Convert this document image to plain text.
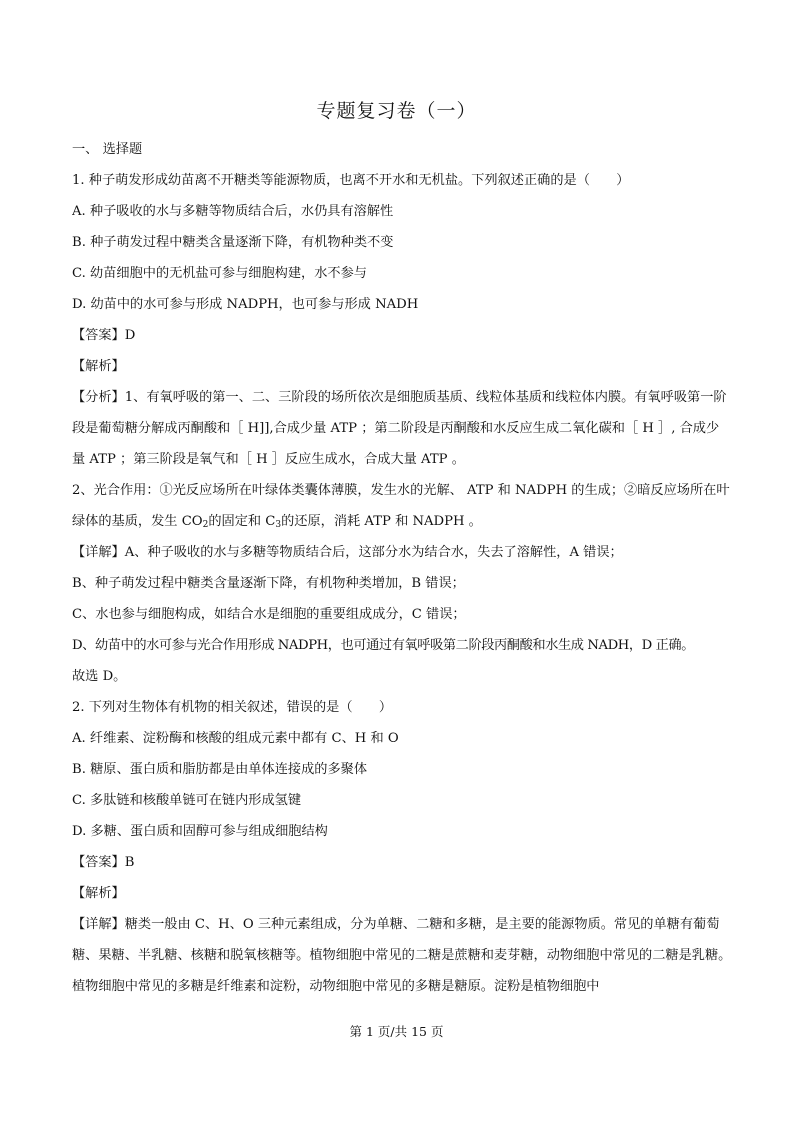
专题复习卷（一）
一、 选择题
1. 种子萌发形成幼苗离不开糖类等能源物质，也离不开水和无机盐。下列叙述正确的是（　　）
A. 种子吸收的水与多糖等物质结合后，水仍具有溶解性
B. 种子萌发过程中糖类含量逐渐下降，有机物种类不变
C. 幼苗细胞中的无机盐可参与细胞构建，水不参与
D. 幼苗中的水可参与形成 NADPH，也可参与形成 NADH
【答案】D
【解析】
【分析】1、有氧呼吸的第一、二、三阶段的场所依次是细胞质基质、线粒体基质和线粒体内膜。有氧呼吸第一阶段是葡萄糖分解成丙酮酸和［ H]],合成少量 ATP ；第二阶段是丙酮酸和水反应生成二氧化碳和［ H ］, 合成少量 ATP ；第三阶段是氧气和［ H ］反应生成水，合成大量 ATP 。
2、光合作用：①光反应场所在叶绿体类囊体薄膜，发生水的光解、 ATP 和 NADPH 的生成；②暗反应场所在叶绿体的基质，发生 $CO_2$的固定和 $C_3$的还原，消耗 ATP 和 NADPH 。
【详解】A、种子吸收的水与多糖等物质结合后，这部分水为结合水，失去了溶解性，A 错误；
B、种子萌发过程中糖类含量逐渐下降，有机物种类增加，B 错误；
C、水也参与细胞构成，如结合水是细胞的重要组成成分，C 错误；
D、幼苗中的水可参与光合作用形成 NADPH，也可通过有氧呼吸第二阶段丙酮酸和水生成 NADH，D 正确。
故选 D。
2. 下列对生物体有机物的相关叙述，错误的是（　　）
A. 纤维素、淀粉酶和核酸的组成元素中都有 C、H 和 O
B. 糖原、蛋白质和脂肪都是由单体连接成的多聚体
C. 多肽链和核酸单链可在链内形成氢键
D. 多糖、蛋白质和固醇可参与组成细胞结构
【答案】B
【解析】
【详解】糖类一般由 C、H、O 三种元素组成，分为单糖、二糖和多糖，是主要的能源物质。常见的单糖有葡萄糖、果糖、半乳糖、核糖和脱氧核糖等。植物细胞中常见的二糖是蔗糖和麦芽糖，动物细胞中常见的二糖是乳糖。植物细胞中常见的多糖是纤维素和淀粉，动物细胞中常见的多糖是糖原。淀粉是植物细胞中
第 1 页/共 15 页
